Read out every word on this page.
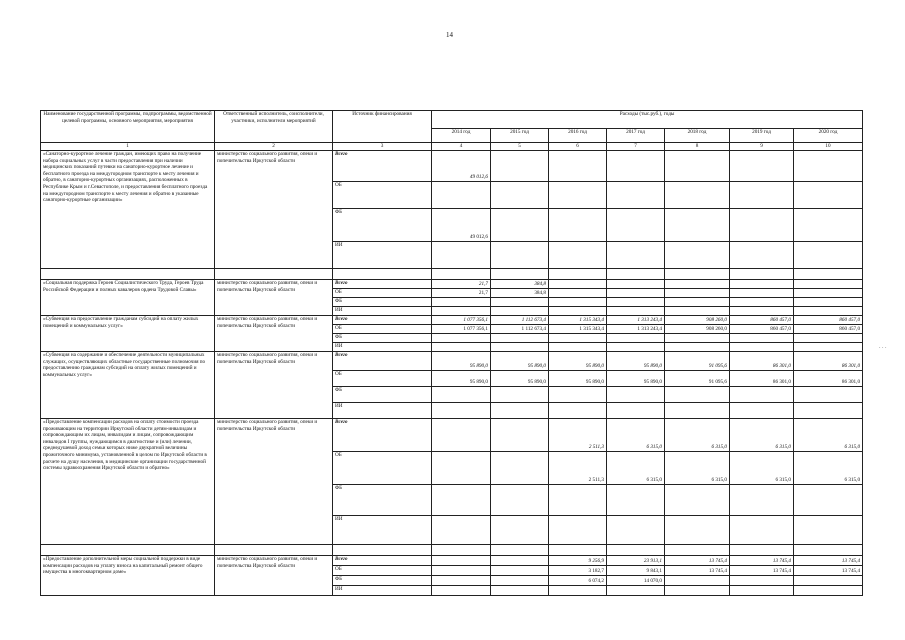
14
. . .
Наименование государственной программы, подпрограммы, ведомственной целевой программы, основного мероприятия, мероприятия	Ответственный исполнитель, соисполнители, участники, исполнители мероприятий	Источник финансирования	Расходы (тыс.руб.), годы						
			2014 год	2015 год	2016 год	2017 год	2018 год	2019 год	2020 год
1	2	3	4	5	6	7	8	9	10
«Санаторно-курортное лечение граждан, имеющих право на получение набора социальных услуг в части предоставления при наличии медицинских показаний путевки на санаторно-курортное лечение и бесплатного проезда на междугородном транспорте к месту лечения и обратно, в санаторно-курортных организациях, расположенных в Республике Крым и г.Севастополе, и предоставления бесплатного проезда на междугородном транспорте к месту лечения и обратно в указанные санаторно-курортные организации»	министерство социального развития, опеки и попечительства Иркутской области	Всего	49 012,6						
		ОБ							
		ФБ	49 012,6						
		ИИ							

«Социальная поддержка Героев Социалистического Труда, Героев Труда Российской Федерации и полных кавалеров ордена Трудовой Славы»	министерство социального развития, опеки и попечительства Иркутской области	Всего	21,7	384,8					
		ОБ	21,7	384,8					
		ФБ							
		ИИ							
«Субвенция на предоставление гражданам субсидий на оплату жилых помещений и коммунальных услуг»	министерство социального развития, опеки и попечительства Иркутской области	Всего	1 077 356,1	1 112 673,4	1 315 343,4	1 313 243,4	908 260,0	860 457,0	860 457,0
		ОБ	1 077 356,1	1 112 673,4	1 315 343,4	1 313 243,4	908 260,0	860 457,0	860 457,0
		ФБ							
		ИИ							
«Субвенция на содержание и обеспечение деятельности муниципальных служащих, осуществляющих областные государственные полномочия по предоставлению гражданам субсидий на оплату жилых помещений и коммунальных услуг»	министерство социального развития, опеки и попечительства Иркутской области	Всего	95 890,0	95 890,0	95 890,0	95 890,0	91 095,6	86 301,0	86 301,0
		ОБ	95 890,0	95 890,0	95 890,0	95 890,0	91 095,6	86 301,0	86 301,0
		ФБ							
		ИИ							
«Предоставление компенсации расходов на оплату стоимости проезда проживающим на территории Иркутской области детям-инвалидам и сопровождающим их лицам, инвалидам и лицам, сопровождающим инвалидов I группы, нуждающимся в диагностике и (или) лечении, среднедушевой доход семьи которых ниже двукратной величины прожиточного минимума, установленной в целом по Иркутской области в расчете на душу населения, в медицинские организации государственной системы здравоохранения Иркутской области и обратно»	министерство социального развития, опеки и попечительства Иркутской области	Всего			2 511,3	6 315,0	6 315,0	6 315,0	6 315,0
		ОБ			2 511,3	6 315,0	6 315,0	6 315,0	6 315,0
		ФБ							
		ИИ							

«Предоставление дополнительной меры социальной поддержки в виде компенсации расходов на уплату взноса на капитальный ремонт общего имущества в многоквартирном доме»	министерство социального развития, опеки и попечительства Иркутской области	Всего			9 256,9	23 913,1	13 745,4	13 745,4	13 745,4
		ОБ			3 182,7	9 843,1	13 745,4	13 745,4	13 745,4
		ФБ			6 074,2	14 070,0			
		ИИ							
